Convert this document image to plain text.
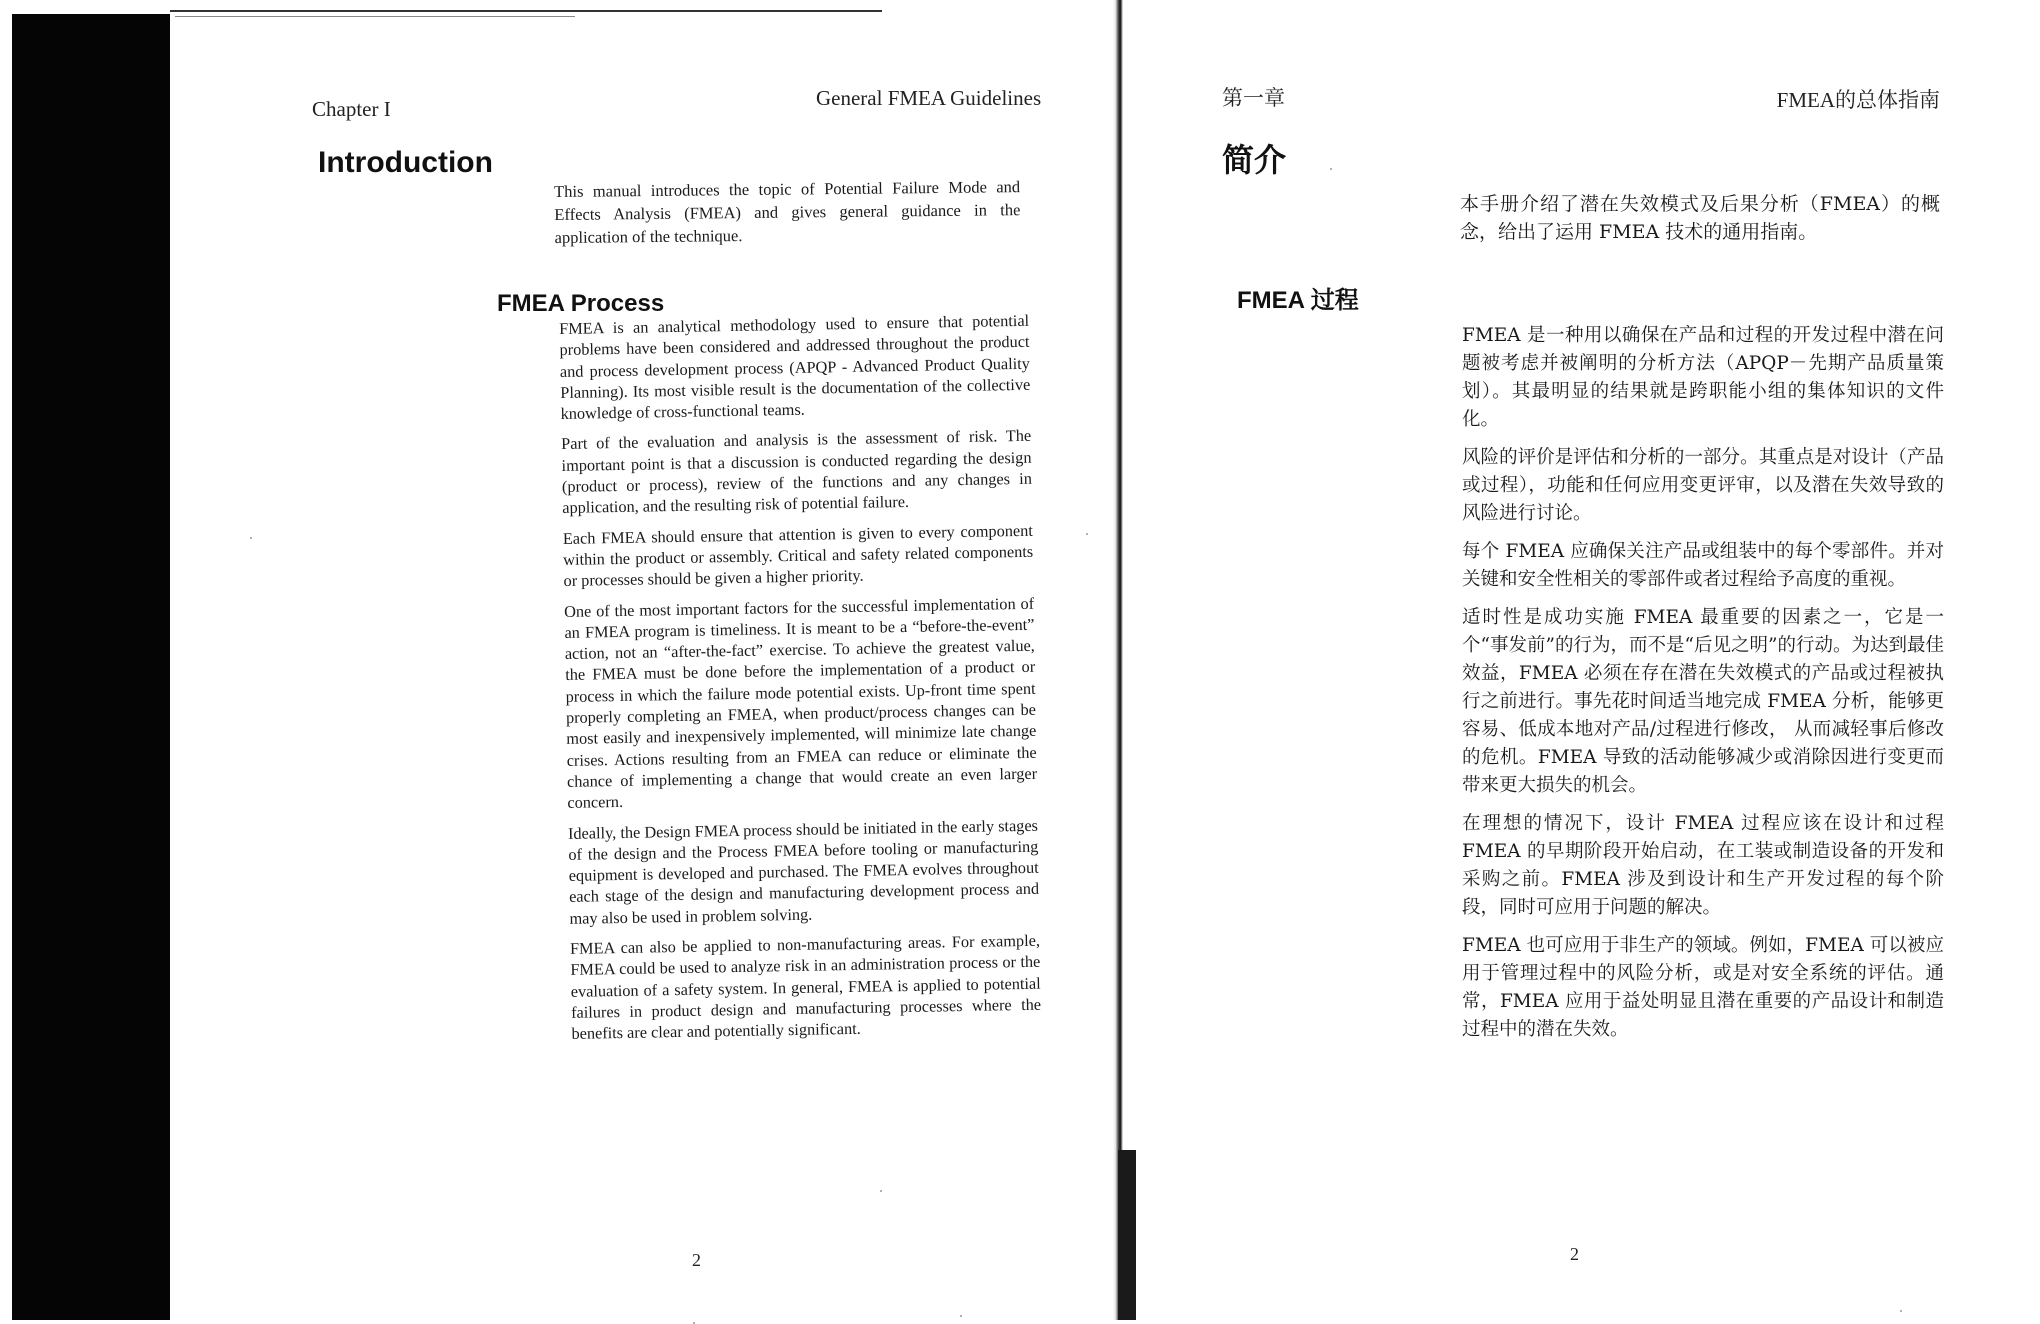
Chapter I	General FMEA Guidelines
Introduction
This manual introduces the topic of Potential Failure Mode and Effects Analysis (FMEA) and gives general guidance in the application of the technique.
FMEA Process

FMEA is an analytical methodology used to ensure that potential problems have been considered and addressed throughout the product and process development process (APQP - Advanced Product Quality Planning). Its most visible result is the documentation of the collective knowledge of cross-functional teams.

Part of the evaluation and analysis is the assessment of risk. The important point is that a discussion is conducted regarding the design (product or process), review of the functions and any changes in application, and the resulting risk of potential failure.

Each FMEA should ensure that attention is given to every component within the product or assembly. Critical and safety related components or processes should be given a higher priority.

One of the most important factors for the successful implementation of an FMEA program is timeliness. It is meant to be a “before-the-event” action, not an “after-the-fact” exercise. To achieve the greatest value, the FMEA must be done before the implementation of a product or process in which the failure mode potential exists. Up-front time spent properly completing an FMEA, when product/process changes can be most easily and inexpensively implemented, will minimize late change crises. Actions resulting from an FMEA can reduce or eliminate the chance of implementing a change that would create an even larger concern.

Ideally, the Design FMEA process should be initiated in the early stages of the design and the Process FMEA before tooling or manufacturing equipment is developed and purchased. The FMEA evolves throughout each stage of the design and manufacturing development process and may also be used in problem solving.

FMEA can also be applied to non-manufacturing areas. For example, FMEA could be used to analyze risk in an administration process or the evaluation of a safety system. In general, FMEA is applied to potential failures in product design and manufacturing processes where the benefits are clear and potentially significant.

2
第一章	FMEA的总体指南
简介
本手册介绍了潜在失效模式及后果分析（FMEA）的概念，给出了运用 FMEA 技术的通用指南。
FMEA 过程

FMEA 是一种用以确保在产品和过程的开发过程中潜在问题被考虑并被阐明的分析方法（APQP－先期产品质量策划）。其最明显的结果就是跨职能小组的集体知识的文件化。

风险的评价是评估和分析的一部分。其重点是对设计（产品或过程），功能和任何应用变更评审，以及潜在失效导致的风险进行讨论。

每个 FMEA 应确保关注产品或组装中的每个零部件。并对关键和安全性相关的零部件或者过程给予高度的重视。

适时性是成功实施 FMEA 最重要的因素之一，它是一个“事发前”的行为，而不是“后见之明”的行动。为达到最佳效益，FMEA 必须在存在潜在失效模式的产品或过程被执行之前进行。事先花时间适当地完成 FMEA 分析，能够更容易、低成本地对产品/过程进行修改， 从而减轻事后修改的危机。FMEA 导致的活动能够减少或消除因进行变更而带来更大损失的机会。

在理想的情况下，设计 FMEA 过程应该在设计和过程 FMEA 的早期阶段开始启动，在工装或制造设备的开发和采购之前。FMEA 涉及到设计和生产开发过程的每个阶段，同时可应用于问题的解决。

FMEA 也可应用于非生产的领域。例如，FMEA 可以被应用于管理过程中的风险分析，或是对安全系统的评估。通常，FMEA 应用于益处明显且潜在重要的产品设计和制造过程中的潜在失效。

2
